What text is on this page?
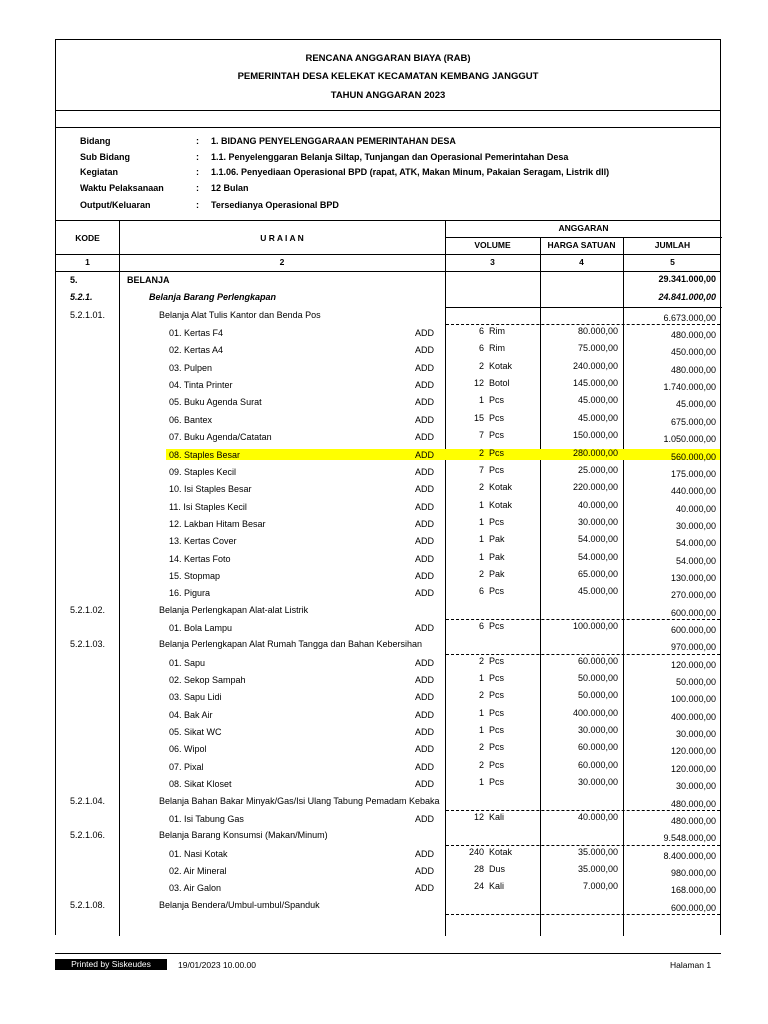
RENCANA ANGGARAN BIAYA (RAB)
PEMERINTAH DESA KELEKAT KECAMATAN KEMBANG JANGGUT
TAHUN ANGGARAN 2023
Bidang	: 1. BIDANG PENYELENGGARAAN PEMERINTAHAN DESA
Sub Bidang	: 1.1. Penyelenggaran Belanja Siltap, Tunjangan dan Operasional Pemerintahan Desa
Kegiatan	: 1.1.06. Penyediaan Operasional BPD (rapat, ATK, Makan Minum, Pakaian Seragam, Listrik dll)
Waktu Pelaksanaan	: 12 Bulan
Output/Keluaran	: Tersedianya Operasional BPD
KODE	U R A I A N
ANGGARAN
VOLUME	HARGA SATUAN	JUMLAH
1	2	3	4	5
5.	BELANJA	29.341.000,00
5.2.1.	Belanja Barang Perlengkapan	24.841.000,00
5.2.1.01.	Belanja Alat Tulis Kantor dan Benda Pos	6.673.000,00
01. Kertas F4	ADD	6 Rim	80.000,00	480.000,00
02. Kertas A4	ADD	6 Rim	75.000,00	450.000,00
03. Pulpen	ADD	2 Kotak	240.000,00	480.000,00
04. Tinta Printer	ADD	12 Botol	145.000,00	1.740.000,00
05. Buku Agenda Surat	ADD	1 Pcs	45.000,00	45.000,00
06. Bantex	ADD	15 Pcs	45.000,00	675.000,00
07. Buku Agenda/Catatan	ADD	7 Pcs	150.000,00	1.050.000,00
08. Staples Besar	ADD	2 Pcs	280.000,00	560.000,00
09. Staples Kecil	ADD	7 Pcs	25.000,00	175.000,00
10. Isi Staples Besar	ADD	2 Kotak	220.000,00	440.000,00
11. Isi Staples Kecil	ADD	1 Kotak	40.000,00	40.000,00
12. Lakban Hitam Besar	ADD	1 Pcs	30.000,00	30.000,00
13. Kertas Cover	ADD	1 Pak	54.000,00	54.000,00
14. Kertas Foto	ADD	1 Pak	54.000,00	54.000,00
15. Stopmap	ADD	2 Pak	65.000,00	130.000,00
16. Pigura	ADD	6 Pcs	45.000,00	270.000,00
5.2.1.02.	Belanja Perlengkapan Alat-alat Listrik	600.000,00
01. Bola Lampu	ADD	6 Pcs	100.000,00	600.000,00
5.2.1.03.	Belanja Perlengkapan Alat Rumah Tangga dan Bahan Kebersihan	970.000,00
01. Sapu	ADD	2 Pcs	60.000,00	120.000,00
02. Sekop Sampah	ADD	1 Pcs	50.000,00	50.000,00
03. Sapu Lidi	ADD	2 Pcs	50.000,00	100.000,00
04. Bak Air	ADD	1 Pcs	400.000,00	400.000,00
05. Sikat WC	ADD	1 Pcs	30.000,00	30.000,00
06. Wipol	ADD	2 Pcs	60.000,00	120.000,00
07. Pixal	ADD	2 Pcs	60.000,00	120.000,00
08. Sikat Kloset	ADD	1 Pcs	30.000,00	30.000,00
5.2.1.04.	Belanja Bahan Bakar Minyak/Gas/Isi Ulang Tabung Pemadam Kebaka	480.000,00
01. Isi Tabung Gas	ADD	12 Kali	40.000,00	480.000,00
5.2.1.06.	Belanja Barang Konsumsi (Makan/Minum)	9.548.000,00
01. Nasi Kotak	ADD	240 Kotak	35.000,00	8.400.000,00
02. Air Mineral	ADD	28 Dus	35.000,00	980.000,00
03. Air Galon	ADD	24 Kali	7.000,00	168.000,00
5.2.1.08.	Belanja Bendera/Umbul-umbul/Spanduk	600.000,00
Printed by Siskeudes	19/01/2023 10.00.00	Halaman 1
